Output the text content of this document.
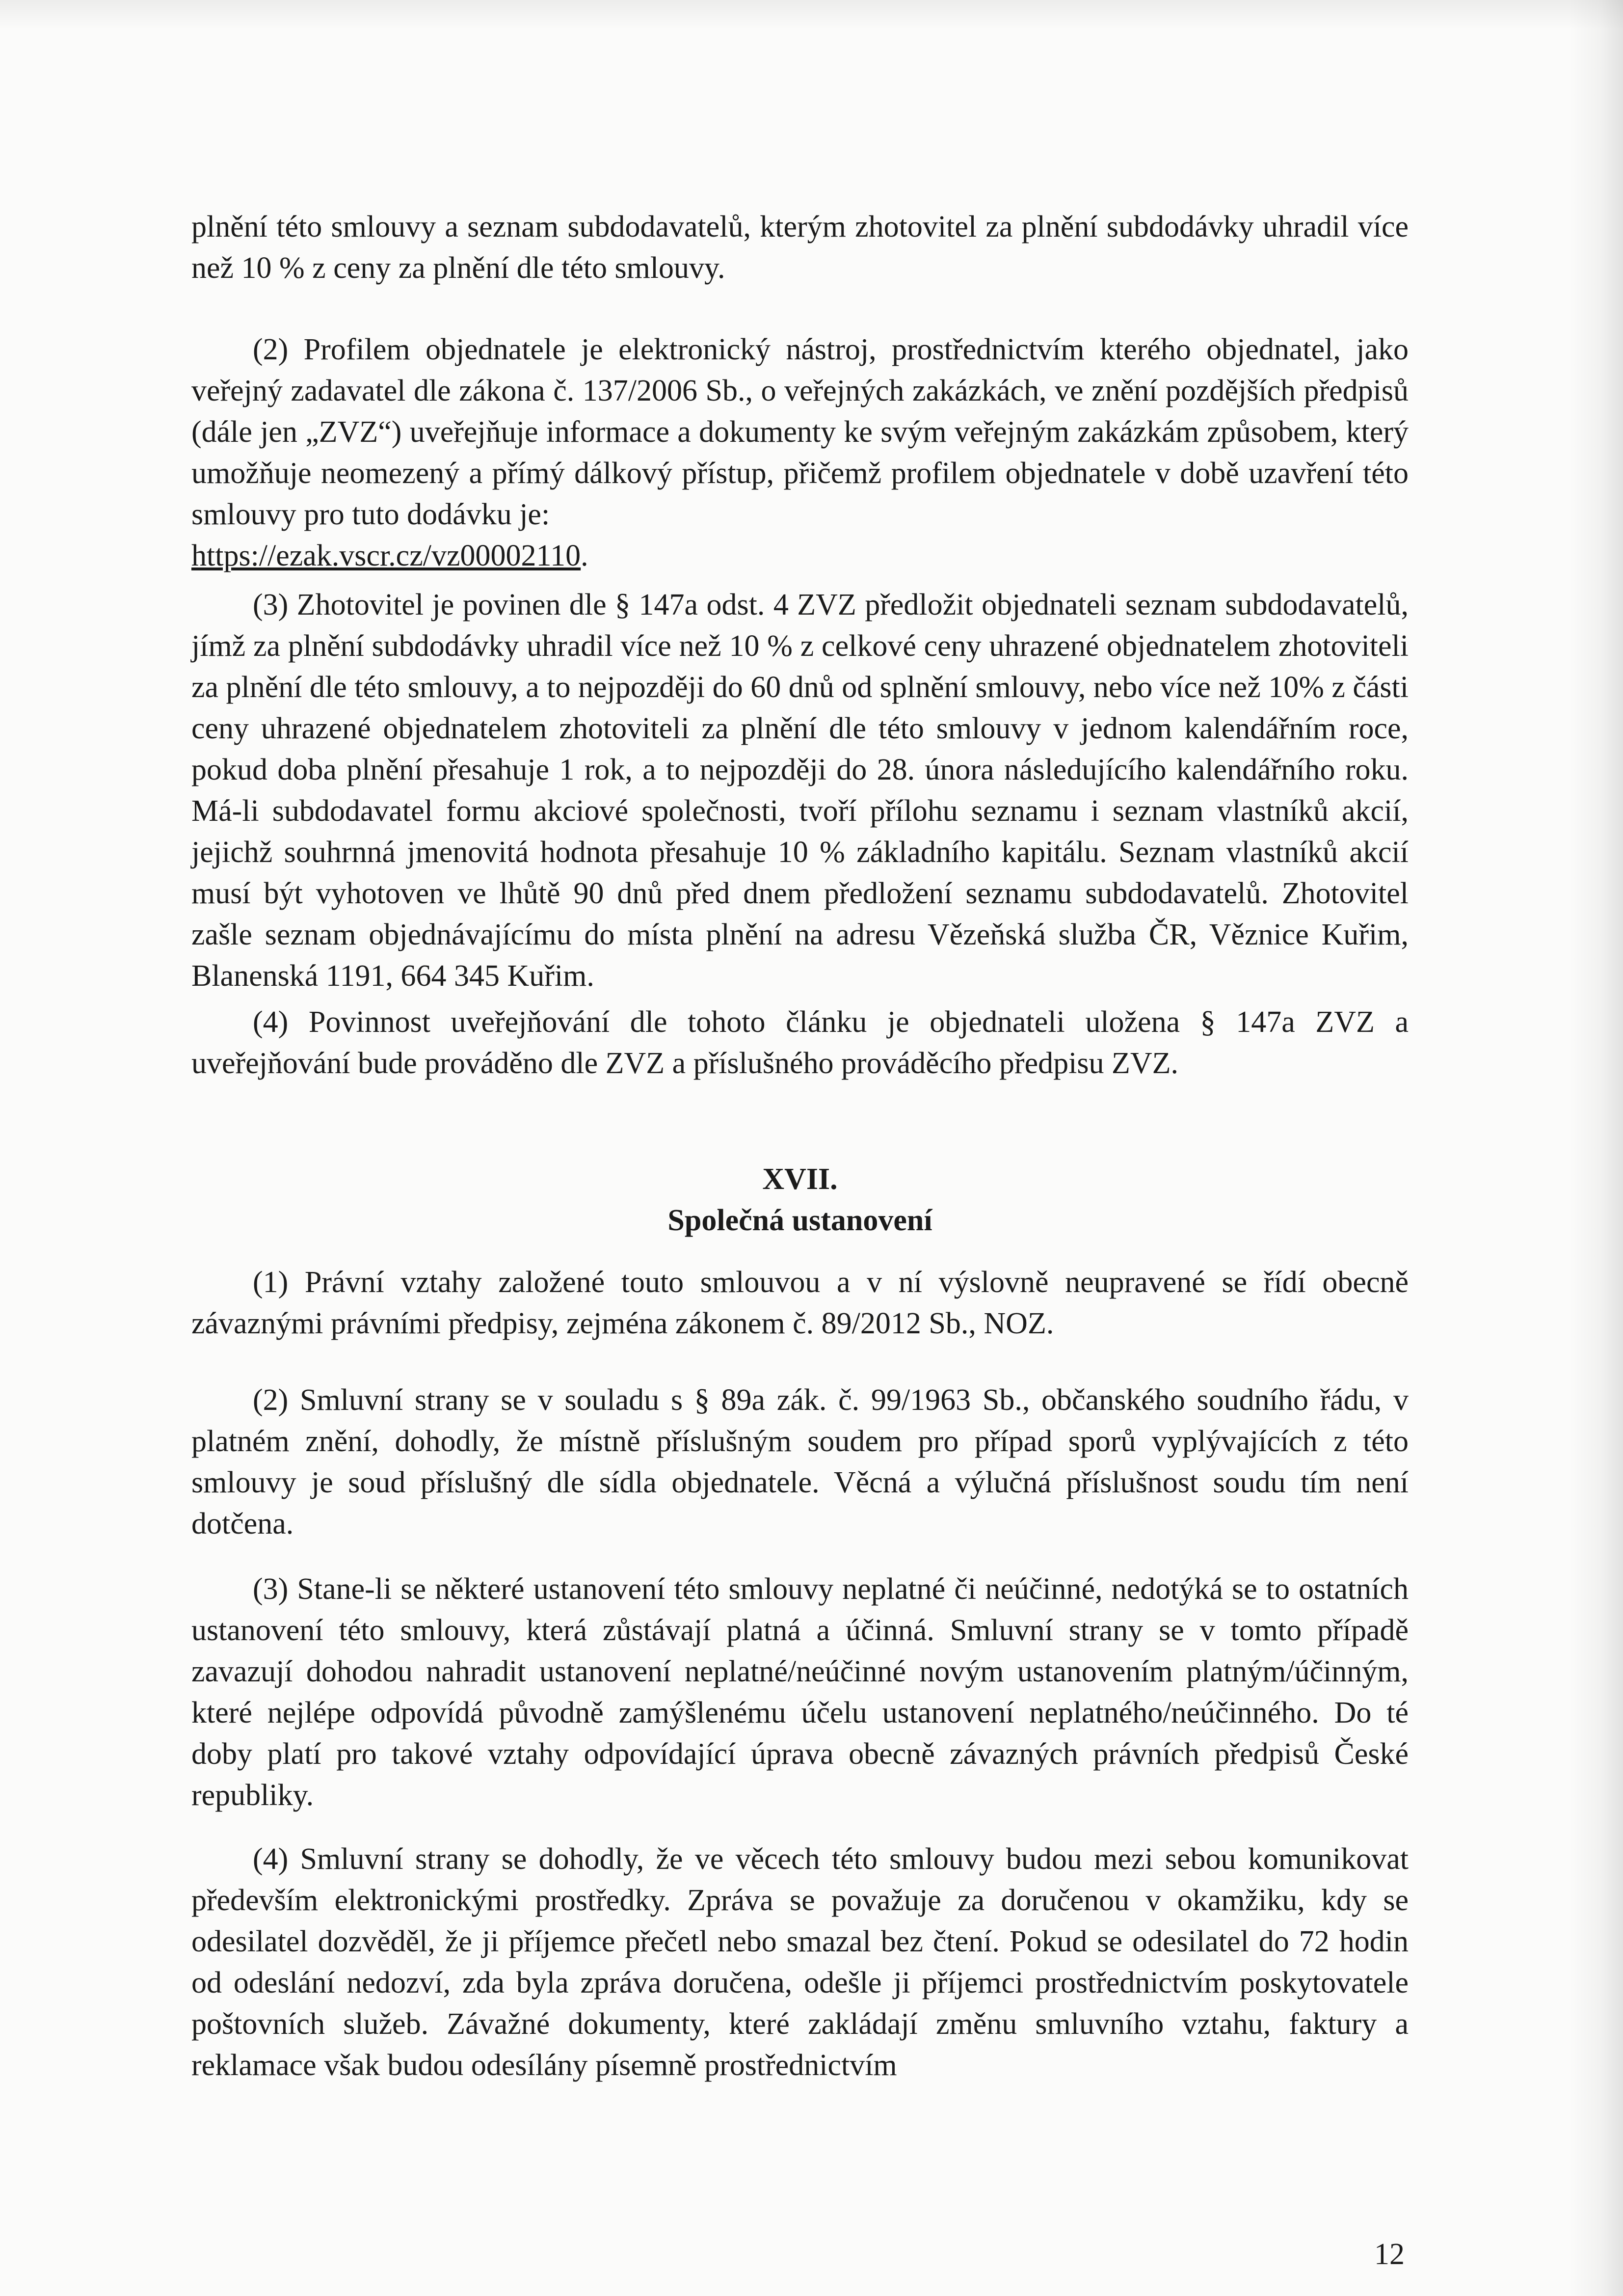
plnění této smlouvy a seznam subdodavatelů, kterým zhotovitel za plnění subdodávky uhradil více než 10 % z ceny za plnění dle této smlouvy.

(2) Profilem objednatele je elektronický nástroj, prostřednictvím kterého objednatel, jako veřejný zadavatel dle zákona č. 137/2006 Sb., o veřejných zakázkách, ve znění pozdějších předpisů (dále jen „ZVZ“) uveřejňuje informace a dokumenty ke svým veřejným zakázkám způsobem, který umožňuje neomezený a přímý dálkový přístup, přičemž profilem objednatele v době uzavření této smlouvy pro tuto dodávku je:
https://ezak.vscr.cz/vz00002110.

(3) Zhotovitel je povinen dle § 147a odst. 4 ZVZ předložit objednateli seznam subdodavatelů, jímž za plnění subdodávky uhradil více než 10 % z celkové ceny uhrazené objednatelem zhotoviteli za plnění dle této smlouvy, a to nejpozději do 60 dnů od splnění smlouvy, nebo více než 10% z části ceny uhrazené objednatelem zhotoviteli za plnění dle této smlouvy v jednom kalendářním roce, pokud doba plnění přesahuje 1 rok, a to nejpozději do 28. února následujícího kalendářního roku. Má-li subdodavatel formu akciové společnosti, tvoří přílohu seznamu i seznam vlastníků akcií, jejichž souhrnná jmenovitá hodnota přesahuje 10 % základního kapitálu. Seznam vlastníků akcií musí být vyhotoven ve lhůtě 90 dnů před dnem předložení seznamu subdodavatelů. Zhotovitel zašle seznam objednávajícímu do místa plnění na adresu Vězeňská služba ČR, Věznice Kuřim, Blanenská 1191, 664 345 Kuřim.

(4) Povinnost uveřejňování dle tohoto článku je objednateli uložena § 147a ZVZ a uveřejňování bude prováděno dle ZVZ a příslušného prováděcího předpisu ZVZ.

XVII.
Společná ustanovení

(1) Právní vztahy založené touto smlouvou a v ní výslovně neupravené se řídí obecně závaznými právními předpisy, zejména zákonem č. 89/2012 Sb., NOZ.

(2) Smluvní strany se v souladu s § 89a zák. č. 99/1963 Sb., občanského soudního řádu, v platném znění, dohodly, že místně příslušným soudem pro případ sporů vyplývajících z této smlouvy je soud příslušný dle sídla objednatele. Věcná a výlučná příslušnost soudu tím není dotčena.

(3) Stane-li se některé ustanovení této smlouvy neplatné či neúčinné, nedotýká se to ostatních ustanovení této smlouvy, která zůstávají platná a účinná. Smluvní strany se v tomto případě zavazují dohodou nahradit ustanovení neplatné/neúčinné novým ustanovením platným/účinným, které nejlépe odpovídá původně zamýšlenému účelu ustanovení neplatného/neúčinného. Do té doby platí pro takové vztahy odpovídající úprava obecně závazných právních předpisů České republiky.

(4) Smluvní strany se dohodly, že ve věcech této smlouvy budou mezi sebou komunikovat především elektronickými prostředky. Zpráva se považuje za doručenou v okamžiku, kdy se odesilatel dozvěděl, že ji příjemce přečetl nebo smazal bez čtení. Pokud se odesilatel do 72 hodin od odeslání nedozví, zda byla zpráva doručena, odešle ji příjemci prostřednictvím poskytovatele poštovních služeb. Závažné dokumenty, které zakládají změnu smluvního vztahu, faktury a reklamace však budou odesílány písemně prostřednictvím

12
